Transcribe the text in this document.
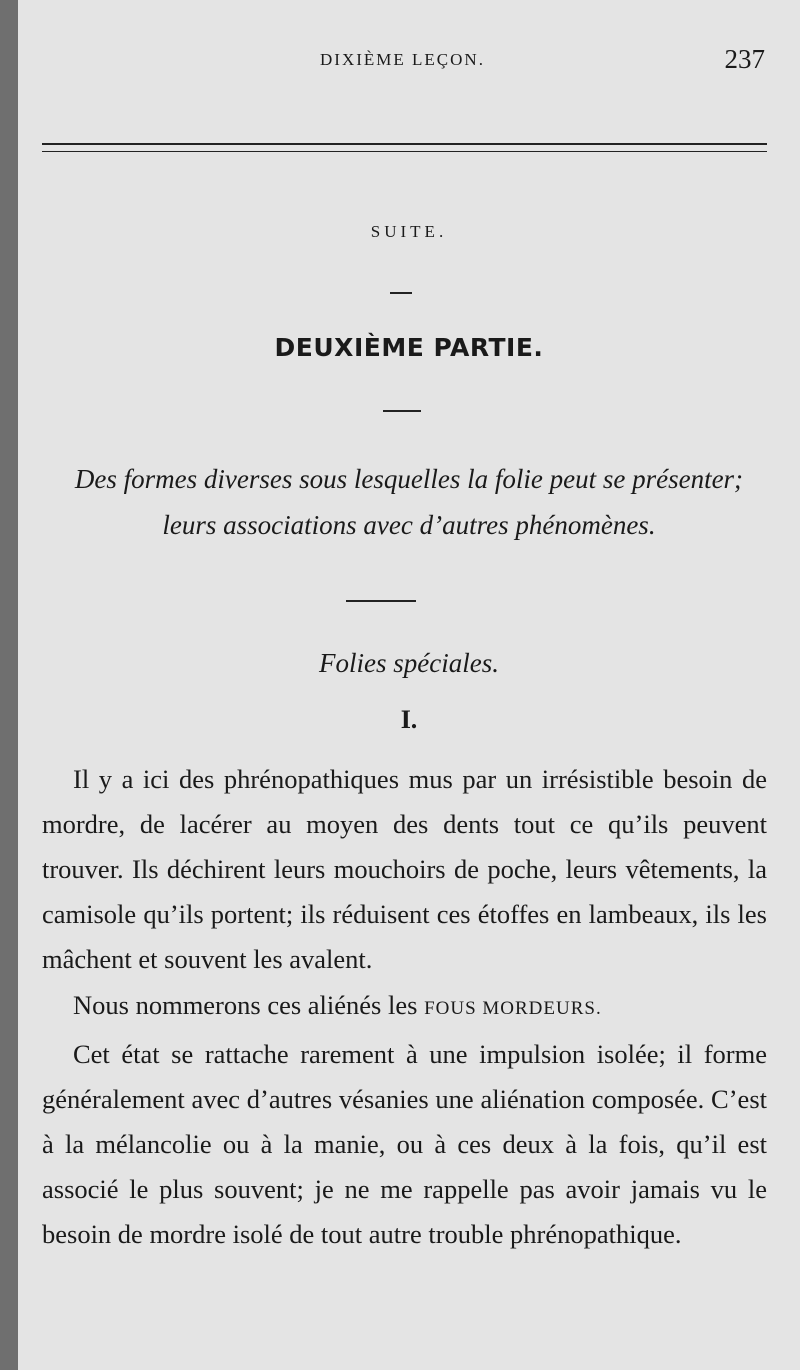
DIXIÈME LEÇON.	237
SUITE.
DEUXIÈME PARTIE.
Des formes diverses sous lesquelles la folie peut se présenter;
leurs associations avec d’autres phénomènes.
Folies spéciales.
I.

Il y a ici des phrénopathiques mus par un irrésistible besoin de mordre, de lacérer au moyen des dents tout ce qu’ils peuvent trouver. Ils déchirent leurs mouchoirs de poche, leurs vêtements, la camisole qu’ils portent; ils réduisent ces étoffes en lambeaux, ils les mâchent et souvent les avalent.

Nous nommerons ces aliénés les FOUS MORDEURS.

Cet état se rattache rarement à une impulsion isolée; il forme généralement avec d’autres vésanies une aliénation composée. C’est à la mélancolie ou à la manie, ou à ces deux à la fois, qu’il est associé le plus souvent; je ne me rappelle pas avoir jamais vu le besoin de mordre isolé de tout autre trouble phrénopathique.
